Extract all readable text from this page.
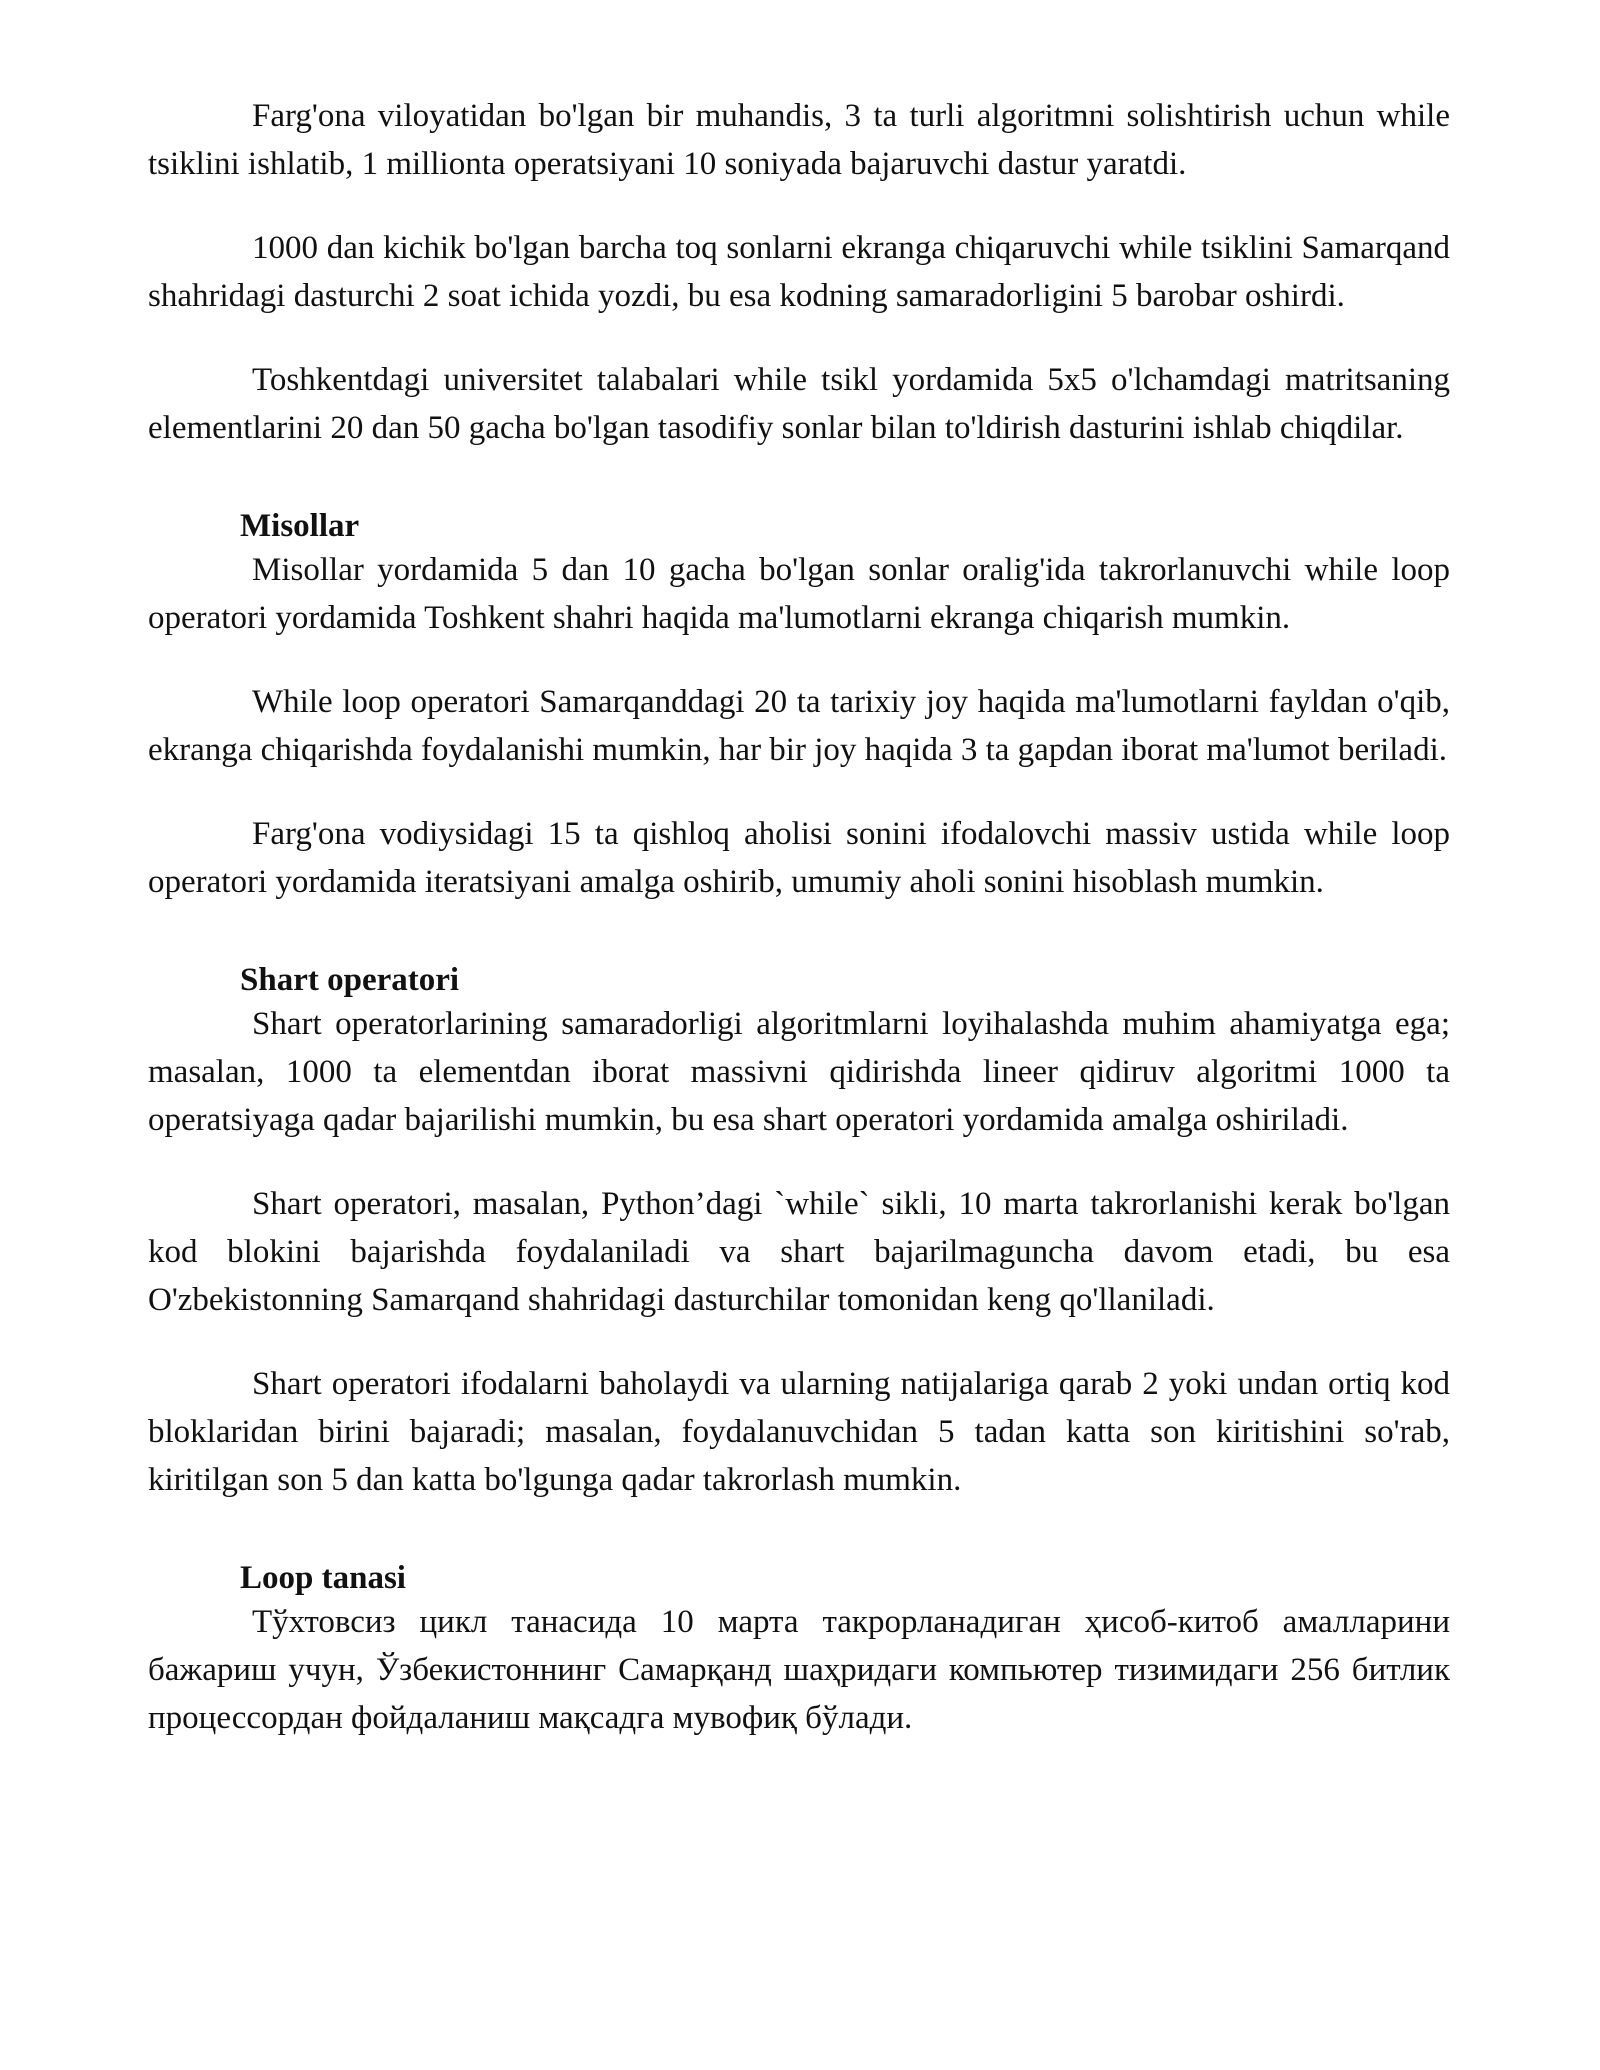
Farg'ona viloyatidan bo'lgan bir muhandis, 3 ta turli algoritmni solishtirish uchun while tsiklini ishlatib, 1 millionta operatsiyani 10 soniyada bajaruvchi dastur yaratdi.

1000 dan kichik bo'lgan barcha toq sonlarni ekranga chiqaruvchi while tsiklini Samarqand shahridagi dasturchi 2 soat ichida yozdi, bu esa kodning samaradorligini 5 barobar oshirdi.

Toshkentdagi universitet talabalari while tsikl yordamida 5x5 o'lchamdagi matritsaning elementlarini 20 dan 50 gacha bo'lgan tasodifiy sonlar bilan to'ldirish dasturini ishlab chiqdilar.

Misollar

Misollar yordamida 5 dan 10 gacha bo'lgan sonlar oralig'ida takrorlanuvchi while loop operatori yordamida Toshkent shahri haqida ma'lumotlarni ekranga chiqarish mumkin.

While loop operatori Samarqanddagi 20 ta tarixiy joy haqida ma'lumotlarni fayldan o'qib, ekranga chiqarishda foydalanishi mumkin, har bir joy haqida 3 ta gapdan iborat ma'lumot beriladi.

Farg'ona vodiysidagi 15 ta qishloq aholisi sonini ifodalovchi massiv ustida while loop operatori yordamida iteratsiyani amalga oshirib, umumiy aholi sonini hisoblash mumkin.

Shart operatori

Shart operatorlarining samaradorligi algoritmlarni loyihalashda muhim ahamiyatga ega; masalan, 1000 ta elementdan iborat massivni qidirishda lineer qidiruv algoritmi 1000 ta operatsiyaga qadar bajarilishi mumkin, bu esa shart operatori yordamida amalga oshiriladi.

Shart operatori, masalan, Python’dagi `while` sikli, 10 marta takrorlanishi kerak bo'lgan kod blokini bajarishda foydalaniladi va shart bajarilmaguncha davom etadi, bu esa O'zbekistonning Samarqand shahridagi dasturchilar tomonidan keng qo'llaniladi.

Shart operatori ifodalarni baholaydi va ularning natijalariga qarab 2 yoki undan ortiq kod bloklaridan birini bajaradi; masalan, foydalanuvchidan 5 tadan katta son kiritishini so'rab, kiritilgan son 5 dan katta bo'lgunga qadar takrorlash mumkin.

Loop tanasi

Тўхтовсиз цикл танасида 10 марта такрорланадиган ҳисоб-китоб амалларини бажариш учун, Ўзбекистоннинг Самарқанд шаҳридаги компьютер тизимидаги 256 битлик процессордан фойдаланиш мақсадга мувофиқ бўлади.
